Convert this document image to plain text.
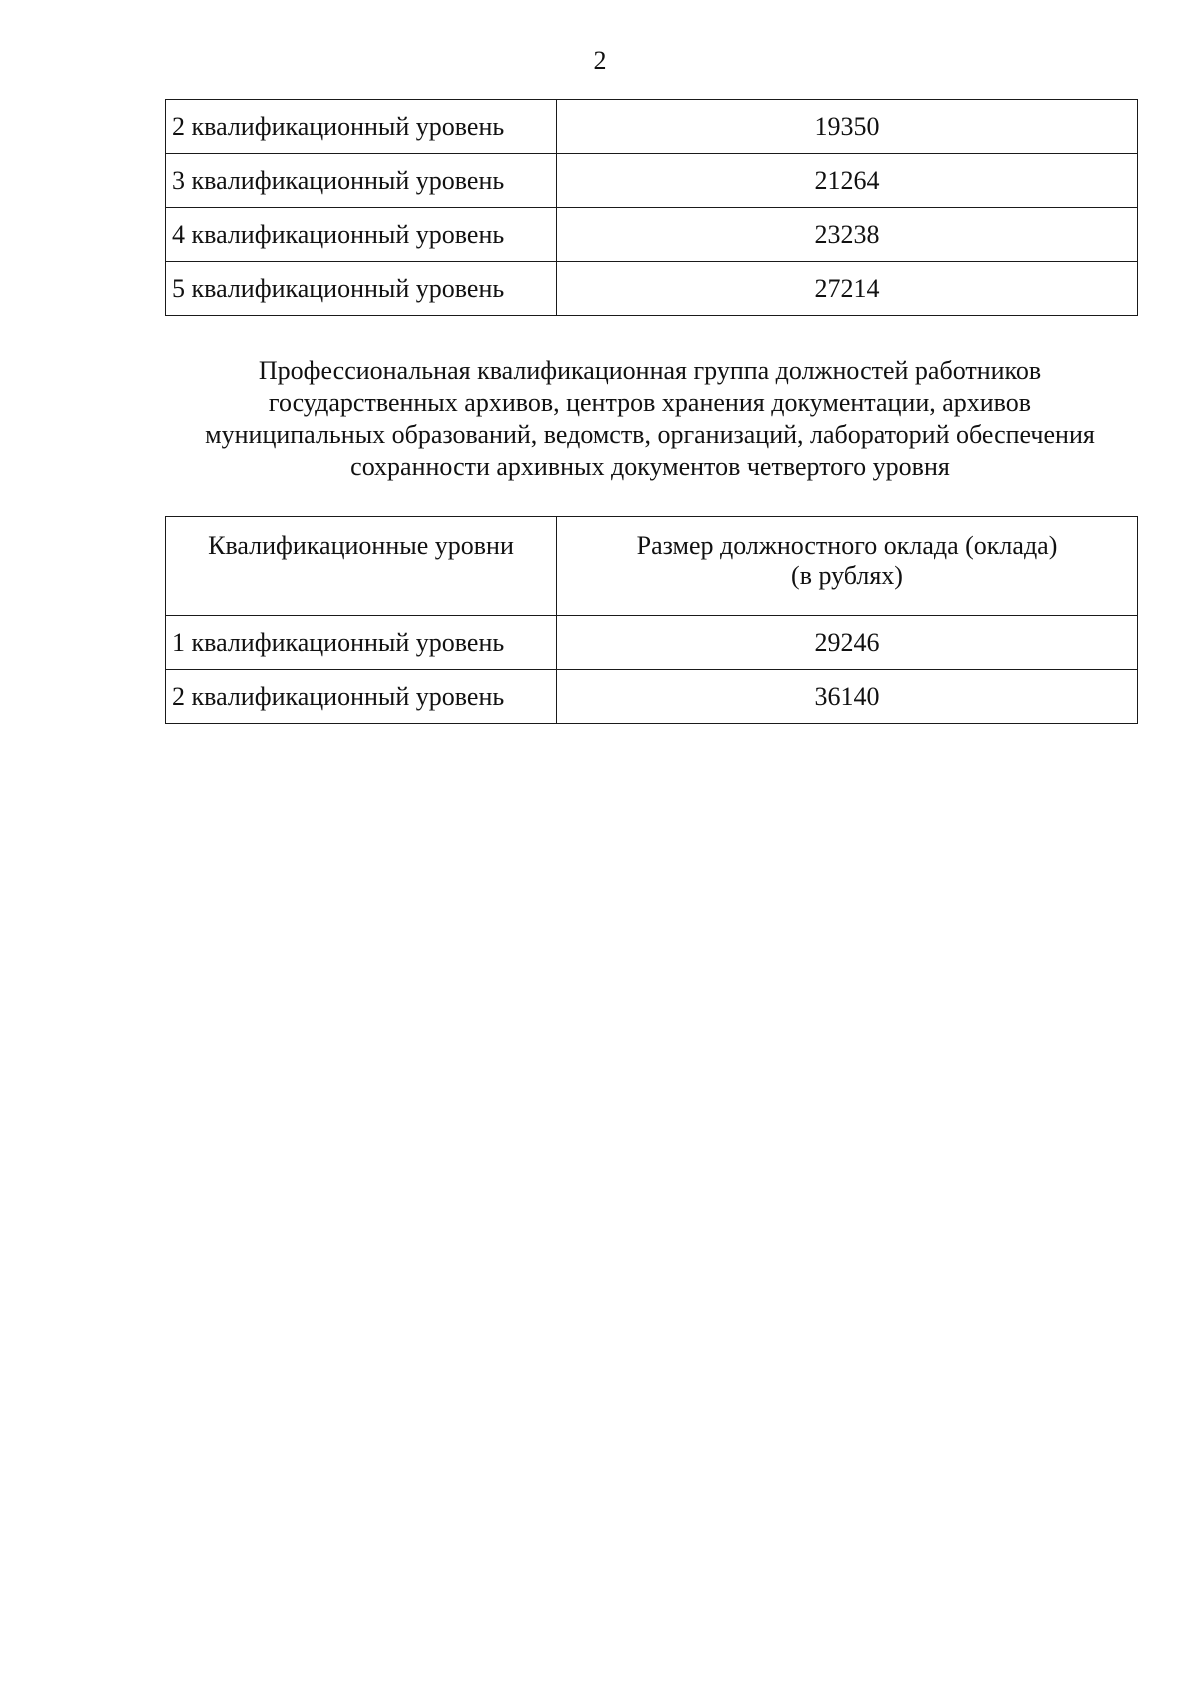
2
2 квалификационный уровень	19350
3 квалификационный уровень	21264
4 квалификационный уровень	23238
5 квалификационный уровень	27214
Профессиональная квалификационная группа должностей работников
государственных архивов, центров хранения документации, архивов
муниципальных образований, ведомств, организаций, лабораторий обеспечения
сохранности архивных документов четвертого уровня
Квалификационные уровни	Размер должностного оклада (оклада)
(в рублях)

1 квалификационный уровень	29246
2 квалификационный уровень	36140
